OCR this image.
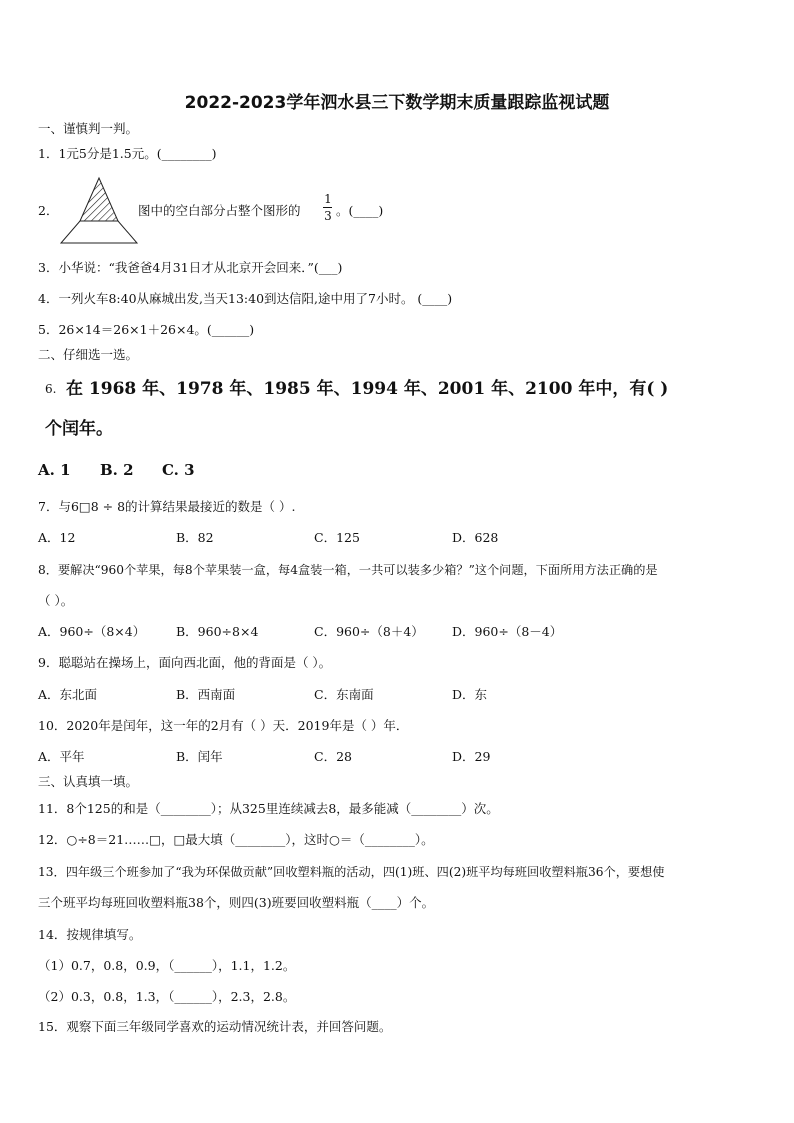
2022-2023学年泗水县三下数学期末质量跟踪监视试题
一、谨慎判一判。
1．1元5分是1.5元。(________)
2．	图中的空白部分占整个图形的
1
3 。(____)
3．小华说：“我爸爸4月31日才从北京开会回来．”(___)
4．一列火车8:40从麻城出发,当天13:40到达信阳,途中用了7小时。 (____)
5．26×14＝26×1＋26×4。(______)
二、仔细选一选。
6. 在 1968 年、1978 年、1985 年、1994 年、2001 年、2100 年中，有( )
个闰年。
A. 1 B. 2 C. 3
7．与6□8 ÷ 8的计算结果最接近的数是（ ）.
A．12	B．82	C．125	D．628
8．要解决“960个苹果，每8个苹果装一盒，每4盒装一箱，一共可以装多少箱？”这个问题，下面所用方法正确的是
（ ）。
A．960÷（8×4） B．960÷8×4	C．960÷（8＋4） D．960÷（8－4）
9．聪聪站在操场上，面向西北面，他的背面是（ ）。
A．东北面	B．西南面	C．东南面	D．东
10．2020年是闰年，这一年的2月有（ ）天．2019年是（ ）年．
A．平年	B．闰年	C．28	D．29
三、认真填一填。
11．8个125的和是（________）；从325里连续减去8，最多能减（________）次。
12．○÷8＝21……□，□最大填（________），这时○＝（________）。
13．四年级三个班参加了“我为环保做贡献”回收塑料瓶的活动，四(1)班、四(2)班平均每班回收塑料瓶36个，要想使
三个班平均每班回收塑料瓶38个，则四(3)班要回收塑料瓶（____）个。
14．按规律填写。
（1）0.7，0.8，0.9，（______），1.1，1.2。
（2）0.3，0.8，1.3，（______），2.3，2.8。
15．观察下面三年级同学喜欢的运动情况统计表，并回答问题。
